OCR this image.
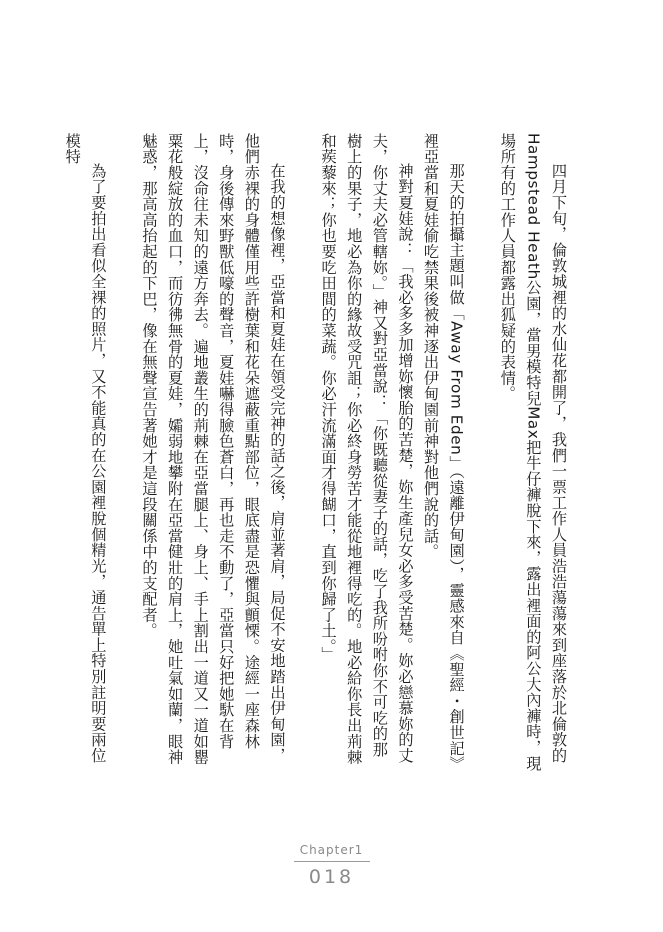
四月下旬，倫敦城裡的水仙花都開了，我們一票工作人員浩浩蕩蕩來到座落於北倫敦的Hampstead Heath公園，當男模特兒Max把牛仔褲脫下來，露出裡面的阿公大內褲時，現場所有的工作人員都露出狐疑的表情。

那天的拍攝主題叫做「Away From Eden」（遠離伊甸園），靈感來自《聖經・創世記》裡亞當和夏娃偷吃禁果後被神逐出伊甸園前神對他們說的話。

神對夏娃說：「我必多多加增妳懷胎的苦楚，妳生產兒女必多受苦楚。妳必戀慕妳的丈夫，你丈夫必管轄妳。」神又對亞當說：「你既聽從妻子的話，吃了我所吩咐你不可吃的那樹上的果子，地必為你的緣故受咒詛；你必終身勞苦才能從地裡得吃的。地必給你長出荊棘和蒺藜來；你也要吃田間的菜蔬。你必汗流滿面才得餬口，直到你歸了土。」

在我的想像裡，亞當和夏娃在領受完神的話之後，肩並著肩，局促不安地踏出伊甸園，他們赤裸的身體僅用些許樹葉和花朵遮蔽重點部位，眼底盡是恐懼與顫慄。途經一座森林時，身後傳來野獸低嚎的聲音，夏娃嚇得臉色蒼白，再也走不動了，亞當只好把她馱在背上，沒命往未知的遠方奔去。遍地叢生的荊棘在亞當腿上、身上、手上割出一道又一道如罌粟花般綻放的血口，而彷彿無骨的夏娃，孀弱地攀附在亞當健壯的肩上，她吐氣如蘭，眼神魅惑，那高高抬起的下巴，像在無聲宣告著她才是這段關係中的支配者。

為了要拍出看似全裸的照片，又不能真的在公園裡脫個精光，通告單上特別註明要兩位模特

Chapter1
018
